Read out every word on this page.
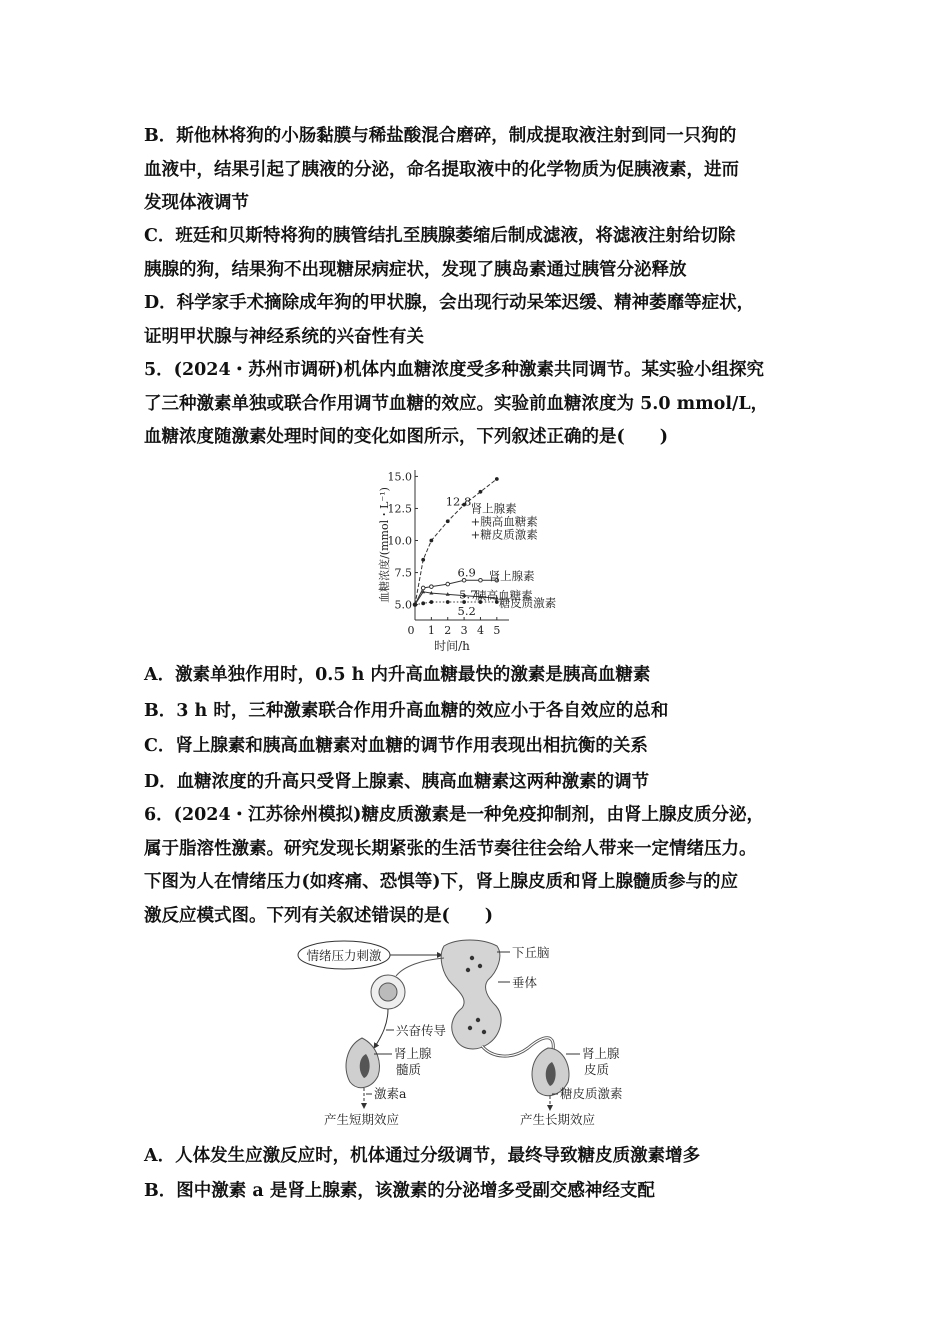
B．斯他林将狗的小肠黏膜与稀盐酸混合磨碎，制成提取液注射到同一只狗的
血液中，结果引起了胰液的分泌，命名提取液中的化学物质为促胰液素，进而
发现体液调节
C．班廷和贝斯特将狗的胰管结扎至胰腺萎缩后制成滤液，将滤液注射给切除
胰腺的狗，结果狗不出现糖尿病症状，发现了胰岛素通过胰管分泌释放
D．科学家手术摘除成年狗的甲状腺，会出现行动呆笨迟缓、精神萎靡等症状，
证明甲状腺与神经系统的兴奋性有关
5．(2024・苏州市调研)机体内血糖浓度受多种激素共同调节。某实验小组探究
了三种激素单独或联合作用调节血糖的效应。实验前血糖浓度为 5.0 mmol/L，
血糖浓度随激素处理时间的变化如图所示，下列叙述正确的是(　　)
0
5.0
7.5
10.0
12.5
15.0
1 2 3 4 5
时间/h
血糖浓度/(mmol・L⁻¹)	12.8 肾上腺素
+胰高血糖素
+糖皮质激素
6.9 肾上腺素
5.7
胰高血糖素
5.2
糖皮质激素
A．激素单独作用时，0.5 h 内升高血糖最快的激素是胰高血糖素
B．3 h 时，三种激素联合作用升高血糖的效应小于各自效应的总和
C．肾上腺素和胰高血糖素对血糖的调节作用表现出相抗衡的关系
D．血糖浓度的升高只受肾上腺素、胰高血糖素这两种激素的调节
6．(2024・江苏徐州模拟)糖皮质激素是一种免疫抑制剂，由肾上腺皮质分泌，
属于脂溶性激素。研究发现长期紧张的生活节奏往往会给人带来一定情绪压力。
下图为人在情绪压力(如疼痛、恐惧等)下，肾上腺皮质和肾上腺髓质参与的应
激反应模式图。下列有关叙述错误的是(　　)
情绪压力刺激	下丘脑
垂体
兴奋传导
肾上腺
髓质
激素a
产生短期效应
肾上腺
皮质
糖皮质激素
产生长期效应
A．人体发生应激反应时，机体通过分级调节，最终导致糖皮质激素增多
B．图中激素 a 是肾上腺素，该激素的分泌增多受副交感神经支配
